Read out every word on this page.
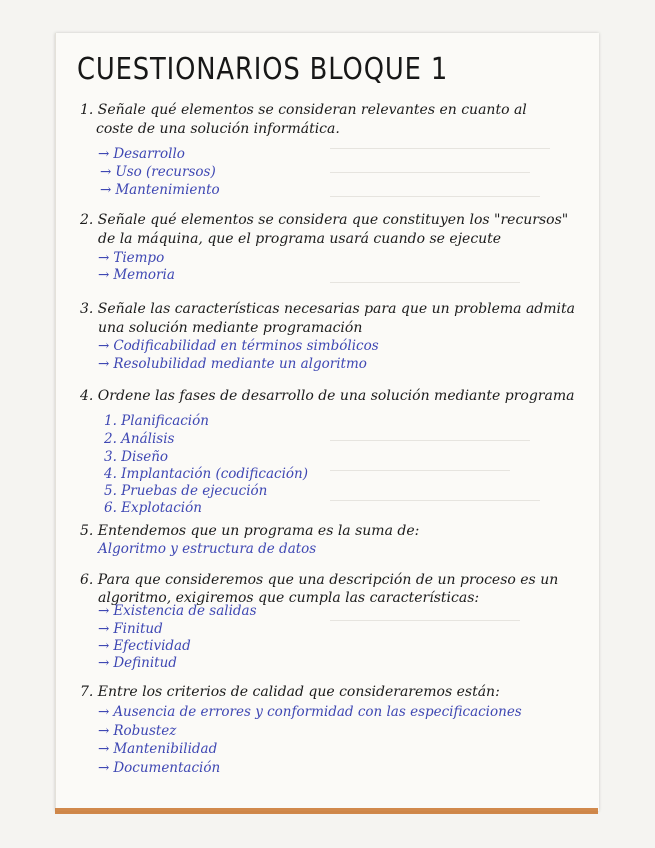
CUESTIONARIOS BLOQUE 1
1. Señale qué elementos se consideran relevantes en cuanto al
coste de una solución informática.
→ Desarrollo
→ Uso (recursos)
→ Mantenimiento
2. Señale qué elementos se considera que constituyen los "recursos"
de la máquina, que el programa usará cuando se ejecute
→ Tiempo
→ Memoria
3. Señale las características necesarias para que un problema admita
una solución mediante programación
→ Codificabilidad en términos simbólicos
→ Resolubilidad mediante un algoritmo
4. Ordene las fases de desarrollo de una solución mediante programa
1. Planificación
2. Análisis
3. Diseño
4. Implantación (codificación)
5. Pruebas de ejecución
6. Explotación
5. Entendemos que un programa es la suma de:
Algoritmo y estructura de datos
6. Para que consideremos que una descripción de un proceso es un
algoritmo, exigiremos que cumpla las características:
→ Existencia de salidas
→ Finitud
→ Efectividad
→ Definitud
7. Entre los criterios de calidad que consideraremos están:
→ Ausencia de errores y conformidad con las especificaciones
→ Robustez
→ Mantenibilidad
→ Documentación
